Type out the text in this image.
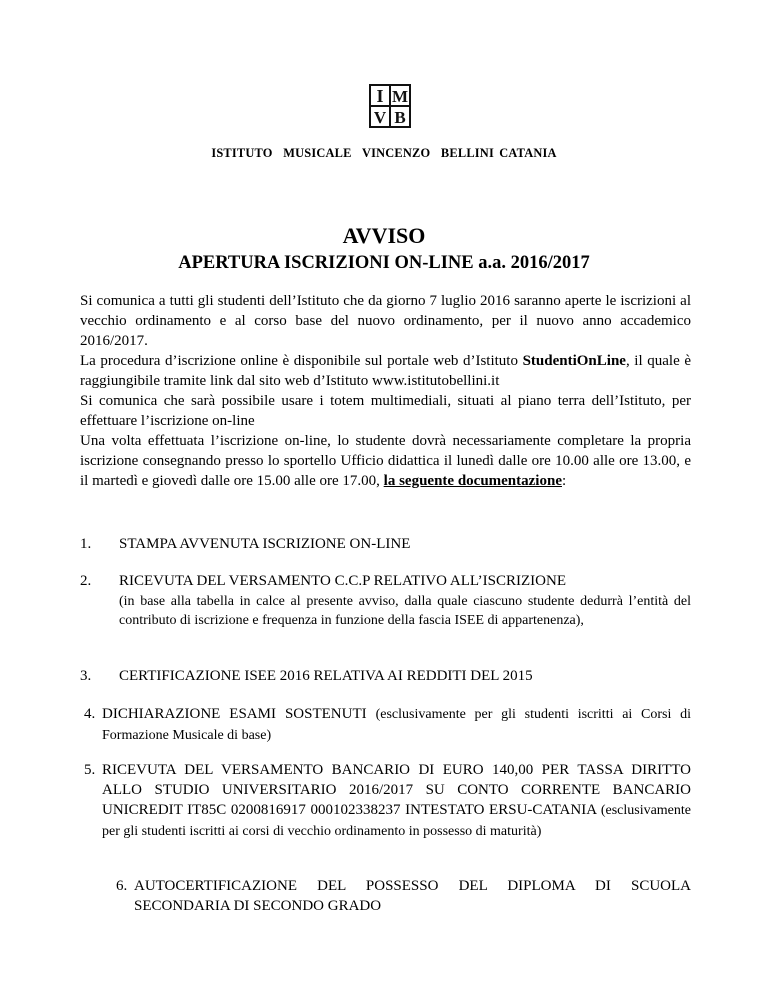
I M
V B
ISTITUTO  MUSICALE  VINCENZO  BELLINI CATANIA
AVVISO
APERTURA ISCRIZIONI ON-LINE a.a. 2016/2017

Si comunica a tutti gli studenti dell’Istituto che da giorno 7 luglio 2016 saranno aperte le iscrizioni al vecchio ordinamento e al corso base del nuovo ordinamento, per il nuovo anno accademico 2016/2017.

La procedura d’iscrizione online è disponibile sul portale web d’Istituto StudentiOnLine, il quale è raggiungibile tramite link dal sito web d’Istituto www.istitutobellini.it

Si comunica che sarà possibile usare i totem multimediali, situati al piano terra dell’Istituto, per effettuare l’iscrizione on-line

Una volta effettuata l’iscrizione on-line, lo studente dovrà necessariamente completare la propria iscrizione consegnando presso lo sportello Ufficio didattica il lunedì dalle ore 10.00 alle ore 13.00, e il martedì e giovedì dalle ore 15.00 alle ore 17.00, la seguente documentazione:

1. STAMPA AVVENUTA ISCRIZIONE ON-LINE
2. RICEVUTA DEL VERSAMENTO C.C.P RELATIVO ALL’ISCRIZIONE
(in base alla tabella in calce al presente avviso, dalla quale ciascuno studente dedurrà l’entità del contributo di iscrizione e frequenza in funzione della fascia ISEE di appartenenza),
3. CERTIFICAZIONE ISEE 2016 RELATIVA AI REDDITI DEL 2015
4. DICHIARAZIONE ESAMI SOSTENUTI (esclusivamente per gli studenti iscritti ai Corsi di Formazione Musicale di base)
5. RICEVUTA DEL VERSAMENTO BANCARIO DI EURO 140,00 PER TASSA DIRITTO ALLO STUDIO UNIVERSITARIO 2016/2017 SU CONTO CORRENTE BANCARIO UNICREDIT IT85C 0200816917 000102338237 INTESTATO ERSU-CATANIA (esclusivamente per gli studenti iscritti ai corsi di vecchio ordinamento in possesso di maturità)
6. AUTOCERTIFICAZIONE DEL POSSESSO DEL DIPLOMA DI SCUOLA SECONDARIA DI SECONDO GRADO
